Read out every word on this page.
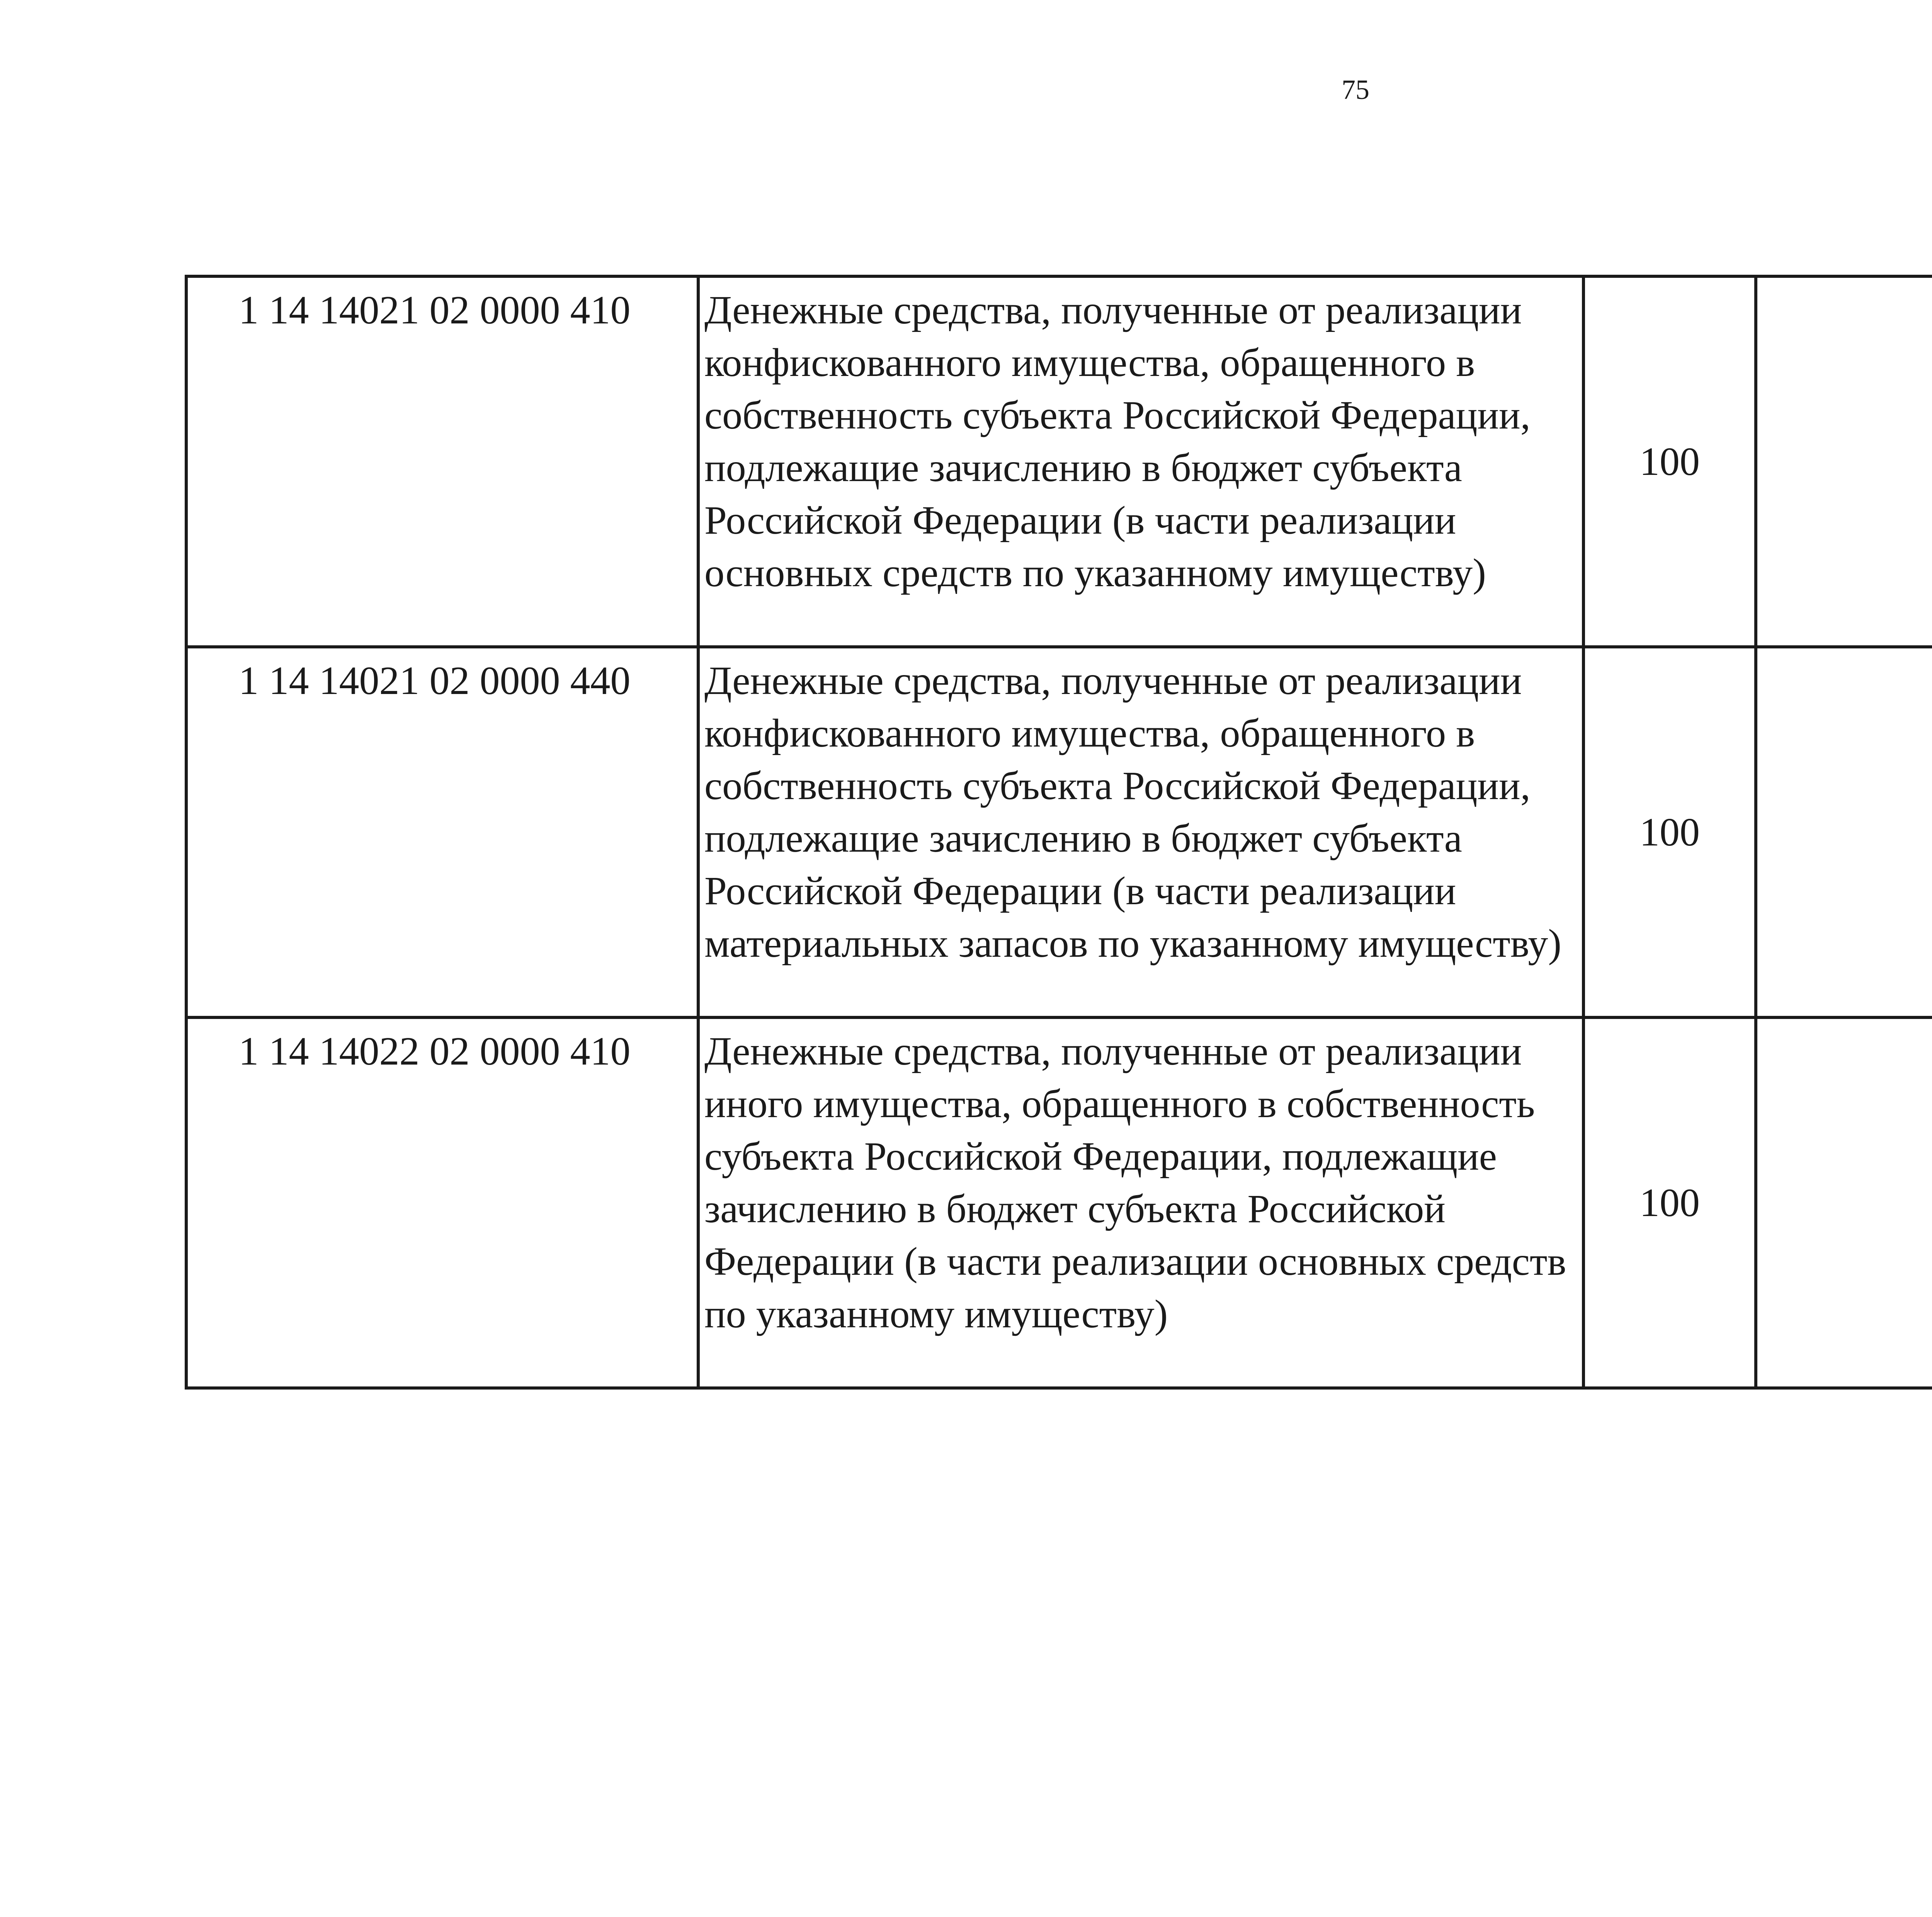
75
1 14 14021 02 0000 410	Денежные средства, полученные от реализации конфискованного имущества, обращенного в собственность субъекта Российской Федерации, подлежащие зачислению в бюджет субъекта Российской Федерации (в части реализации основных средств по указанному имуществу)	100				
1 14 14021 02 0000 440	Денежные средства, полученные от реализации конфискованного имущества, обращенного в собственность субъекта Российской Федерации, подлежащие зачислению в бюджет субъекта Российской Федерации (в части реализации материальных запасов по указанному имуществу)	100				
1 14 14022 02 0000 410	Денежные средства, полученные от реализации иного имущества, обращенного в собственность субъекта Российской Федерации, подлежащие зачислению в бюджет субъекта Российской Федерации (в части реализации основных средств по указанному имуществу)	100				
